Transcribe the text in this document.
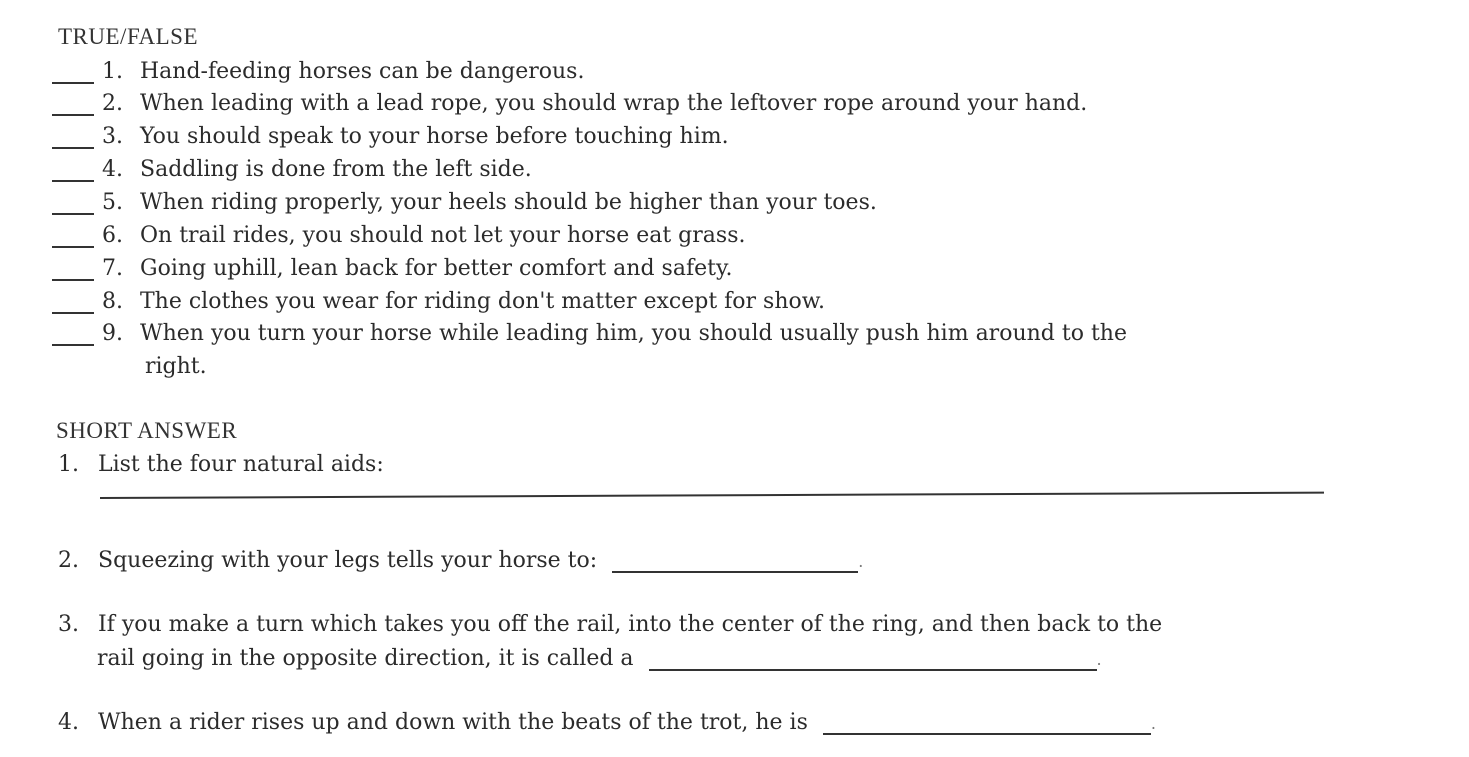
TRUE/FALSE
1. Hand-feeding horses can be dangerous.
2. When leading with a lead rope, you should wrap the leftover rope around your hand.
3. You should speak to your horse before touching him.
4. Saddling is done from the left side.
5. When riding properly, your heels should be higher than your toes.
6. On trail rides, you should not let your horse eat grass.
7. Going uphill, lean back for better comfort and safety.
8. The clothes you wear for riding don't matter except for show.
9. When you turn your horse while leading him, you should usually push him around to the
right.
SHORT ANSWER
1. List the four natural aids:
2. Squeezing with your legs tells your horse to:	.
3. If you make a turn which takes you off the rail, into the center of the ring, and then back to the
rail going in the opposite direction, it is called a	.
4. When a rider rises up and down with the beats of the trot, he is	.
